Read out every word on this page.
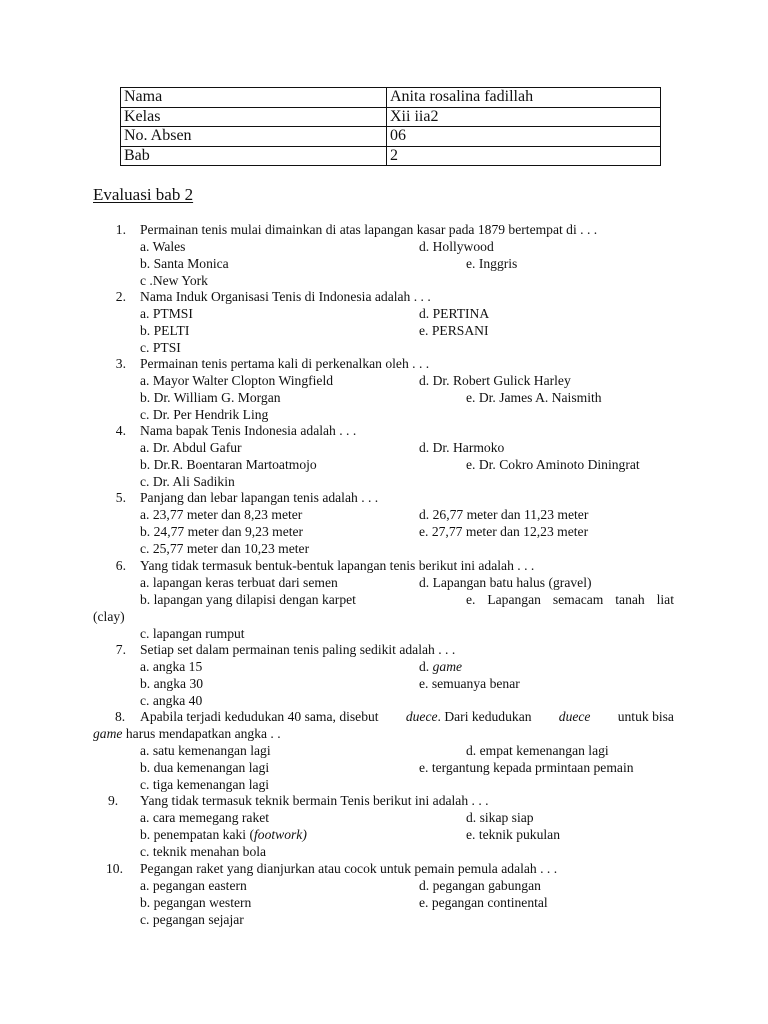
Nama	Anita rosalina fadillah
Kelas	Xii iia2
No. Absen	06
Bab	2
Evaluasi bab 2
1. Permainan tenis mulai dimainkan di atas lapangan kasar pada 1879 bertempat di . . .
a. Wales	d. Hollywood
b. Santa Monica	e. Inggris
c .New York
2. Nama Induk Organisasi Tenis di Indonesia adalah . . .
a. PTMSI	d. PERTINA
b. PELTI	e. PERSANI
c. PTSI
3. Permainan tenis pertama kali di perkenalkan oleh . . .
a. Mayor Walter Clopton Wingfield	d. Dr. Robert Gulick Harley
b. Dr. William G. Morgan	e. Dr. James A. Naismith
c. Dr. Per Hendrik Ling
4. Nama bapak Tenis Indonesia adalah . . .
a. Dr. Abdul Gafur	d. Dr. Harmoko
b. Dr.R. Boentaran Martoatmojo	e. Dr. Cokro Aminoto Diningrat
c. Dr. Ali Sadikin
5. Panjang dan lebar lapangan tenis adalah . . .
a. 23,77 meter dan 8,23 meter	d. 26,77 meter dan 11,23 meter
b. 24,77 meter dan 9,23 meter	e. 27,77 meter dan 12,23 meter
c. 25,77 meter dan 10,23 meter
6. Yang tidak termasuk bentuk-bentuk lapangan tenis berikut ini adalah . . .
a. lapangan keras terbuat dari semen	d. Lapangan batu halus (gravel)
b. lapangan yang dilapisi dengan karpet	e. Lapangan semacam tanah liat
(clay)
c. lapangan rumput
7. Setiap set dalam permainan tenis paling sedikit adalah . . .
a. angka 15	d. game
b. angka 30	e. semuanya benar
c. angka 40
8. Apabila terjadi kedudukan 40 sama, disebut duece. Dari kedudukan duece untuk bisa
game harus mendapatkan angka . .
a. satu kemenangan lagi	d. empat kemenangan lagi
b. dua kemenangan lagi	e. tergantung kepada prmintaan pemain
c. tiga kemenangan lagi
9. Yang tidak termasuk teknik bermain Tenis berikut ini adalah . . .
a. cara memegang raket	d. sikap siap
b. penempatan kaki (footwork)	e. teknik pukulan
c. teknik menahan bola
10. Pegangan raket yang dianjurkan atau cocok untuk pemain pemula adalah . . .
a. pegangan eastern	d. pegangan gabungan
b. pegangan western	e. pegangan continental
c. pegangan sejajar
